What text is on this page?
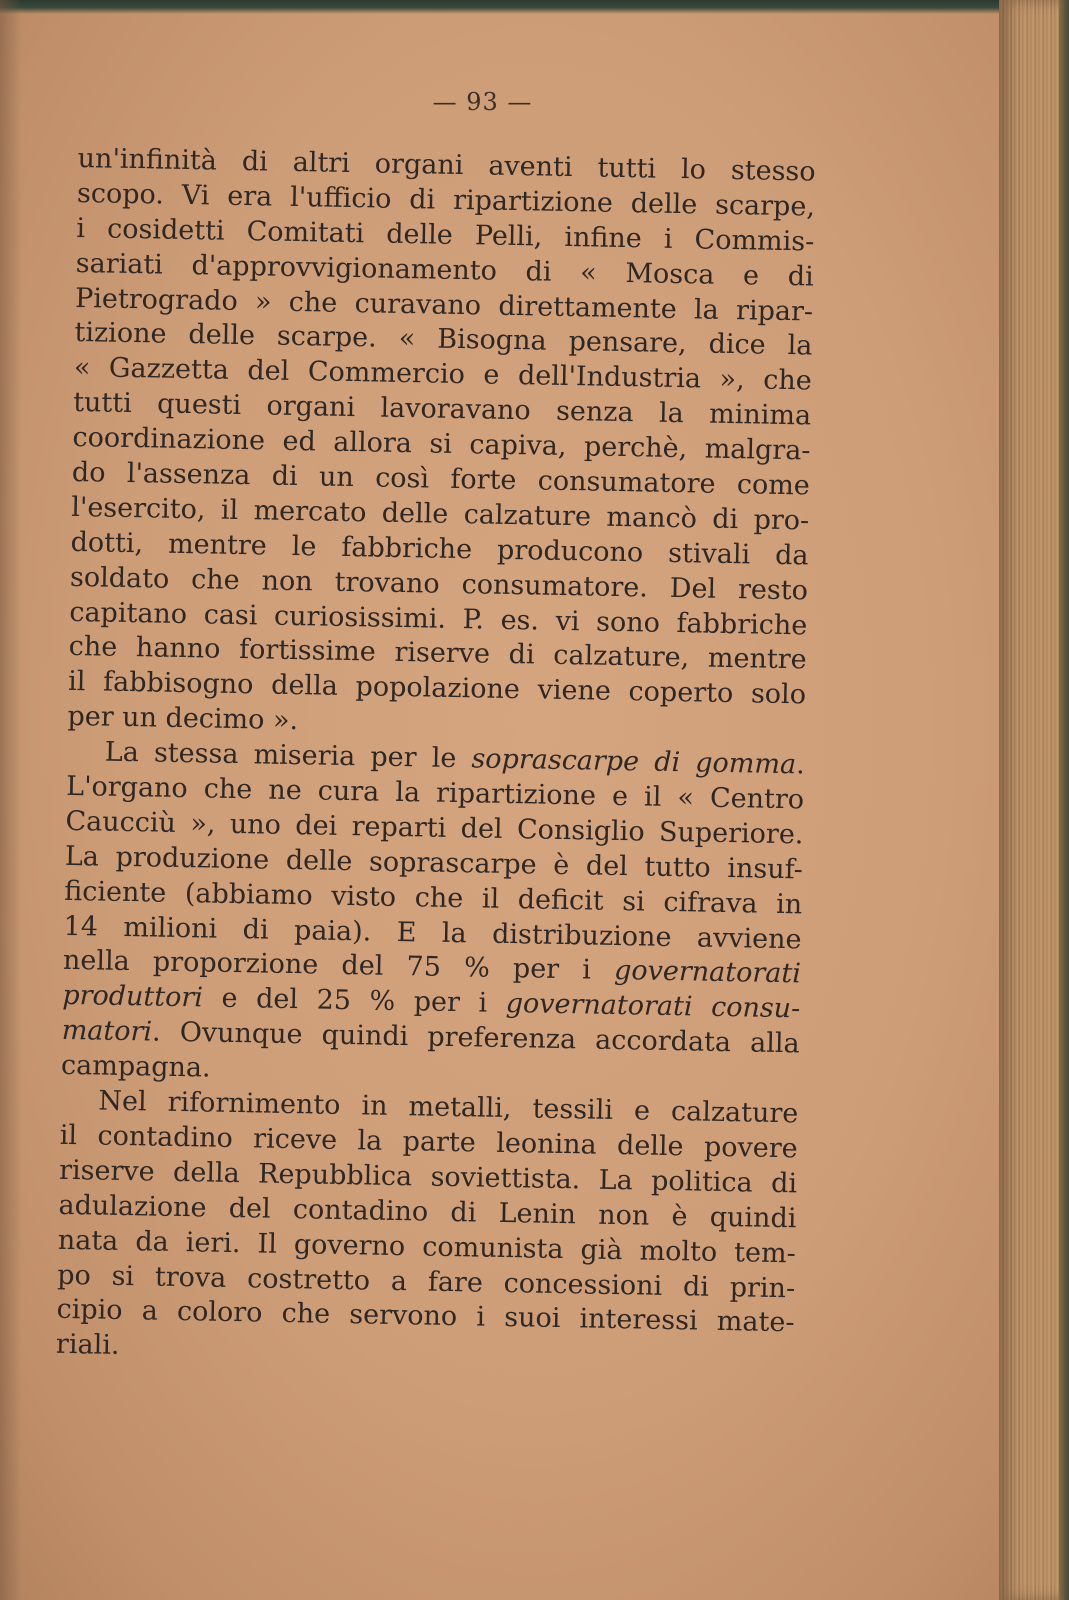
— 93 —
un'infinità di altri organi aventi tutti lo stesso
scopo. Vi era l'ufficio di ripartizione delle scarpe,
i cosidetti Comitati delle Pelli, infine i Commis-
sariati d'approvvigionamento di « Mosca e di
Pietrogrado » che curavano direttamente la ripar-
tizione delle scarpe. « Bisogna pensare, dice la
« Gazzetta del Commercio e dell'Industria », che
tutti questi organi lavoravano senza la minima
coordinazione ed allora si capiva, perchè, malgra-
do l'assenza di un così forte consumatore come
l'esercito, il mercato delle calzature mancò di pro-
dotti, mentre le fabbriche producono stivali da
soldato che non trovano consumatore. Del resto
capitano casi curiosissimi. P. es. vi sono fabbriche
che hanno fortissime riserve di calzature, mentre
il fabbisogno della popolazione viene coperto solo
per un decimo ».
La stessa miseria per le soprascarpe di gomma.
L'organo che ne cura la ripartizione e il « Centro
Caucciù », uno dei reparti del Consiglio Superiore.
La produzione delle soprascarpe è del tutto insuf-
ficiente (abbiamo visto che il deficit si cifrava in
14 milioni di paia). E la distribuzione avviene
nella proporzione del 75 % per i governatorati
produttori e del 25 % per i governatorati consu-
matori. Ovunque quindi preferenza accordata alla
campagna.
Nel rifornimento in metalli, tessili e calzature
il contadino riceve la parte leonina delle povere
riserve della Repubblica soviettista. La politica di
adulazione del contadino di Lenin non è quindi
nata da ieri. Il governo comunista già molto tem-
po si trova costretto a fare concessioni di prin-
cipio a coloro che servono i suoi interessi mate-
riali.
